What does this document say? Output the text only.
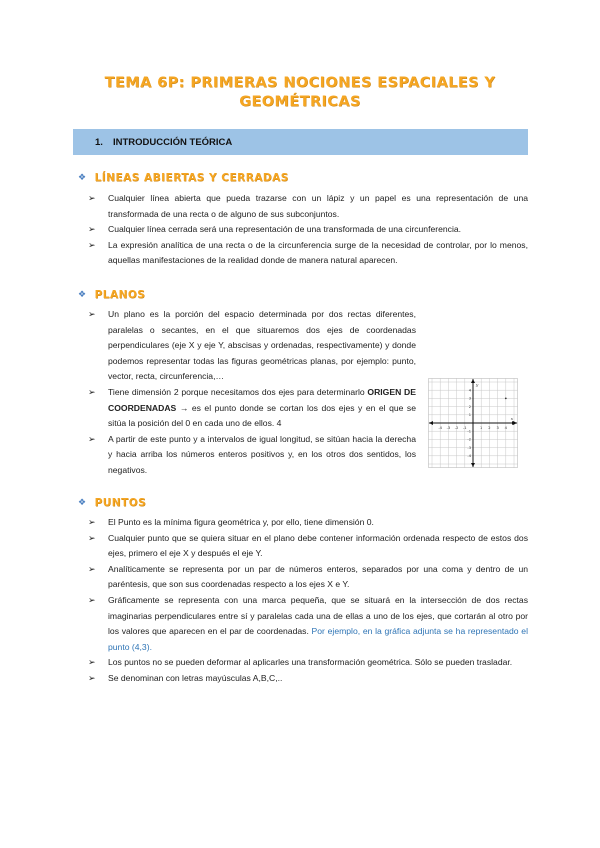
TEMA 6P: PRIMERAS NOCIONES ESPACIALES Y
GEOMÉTRICAS
1.	INTRODUCCIÓN TEÓRICA
❖ LÍNEAS ABIERTAS Y CERRADAS
➢ Cualquier línea abierta que pueda trazarse con un lápiz y un papel es una representación de una transformada de una recta o de alguno de sus subconjuntos.
➢ Cualquier línea cerrada será una representación de una transformada de una circunferencia.
➢ La expresión analítica de una recta o de la circunferencia surge de la necesidad de controlar, por lo menos, aquellas manifestaciones de la realidad donde de manera natural aparecen.
❖ PLANOS
➢ Un plano es la porción del espacio determinada por dos rectas diferentes, paralelas o secantes, en el que situaremos dos ejes de coordenadas perpendiculares (eje X y eje Y, abscisas y ordenadas, respectivamente) y donde podemos representar todas las figuras geométricas planas, por ejemplo: punto, vector, recta, circunferencia,…
➢ Tiene dimensión 2 porque necesitamos dos ejes para determinarlo ORIGEN DE COORDENADAS → es el punto donde se cortan los dos ejes y en el que se sitúa la posición del 0 en cada uno de ellos. 4
➢ A partir de este punto y a intervalos de igual longitud, se sitúan hacia la derecha y hacia arriba los números enteros positivos y, en los otros dos sentidos, los negativos.
-4 -3 -2 -1	1 2 3 4
4
3
2
1
-1
-2
-3
-4
x
y
❖ PUNTOS
➢ El Punto es la mínima figura geométrica y, por ello, tiene dimensión 0.
➢ Cualquier punto que se quiera situar en el plano debe contener información ordenada respecto de estos dos ejes, primero el eje X y después el eje Y.
➢ Analíticamente se representa por un par de números enteros, separados por una coma y dentro de un paréntesis, que son sus coordenadas respecto a los ejes X e Y.
➢ Gráficamente se representa con una marca pequeña, que se situará en la intersección de dos rectas imaginarias perpendiculares entre sí y paralelas cada una de ellas a uno de los ejes, que cortarán al otro por los valores que aparecen en el par de coordenadas. Por ejemplo, en la gráfica adjunta se ha representado el punto (4,3).
➢ Los puntos no se pueden deformar al aplicarles una transformación geométrica. Sólo se pueden trasladar.
➢ Se denominan con letras mayúsculas A,B,C,..
